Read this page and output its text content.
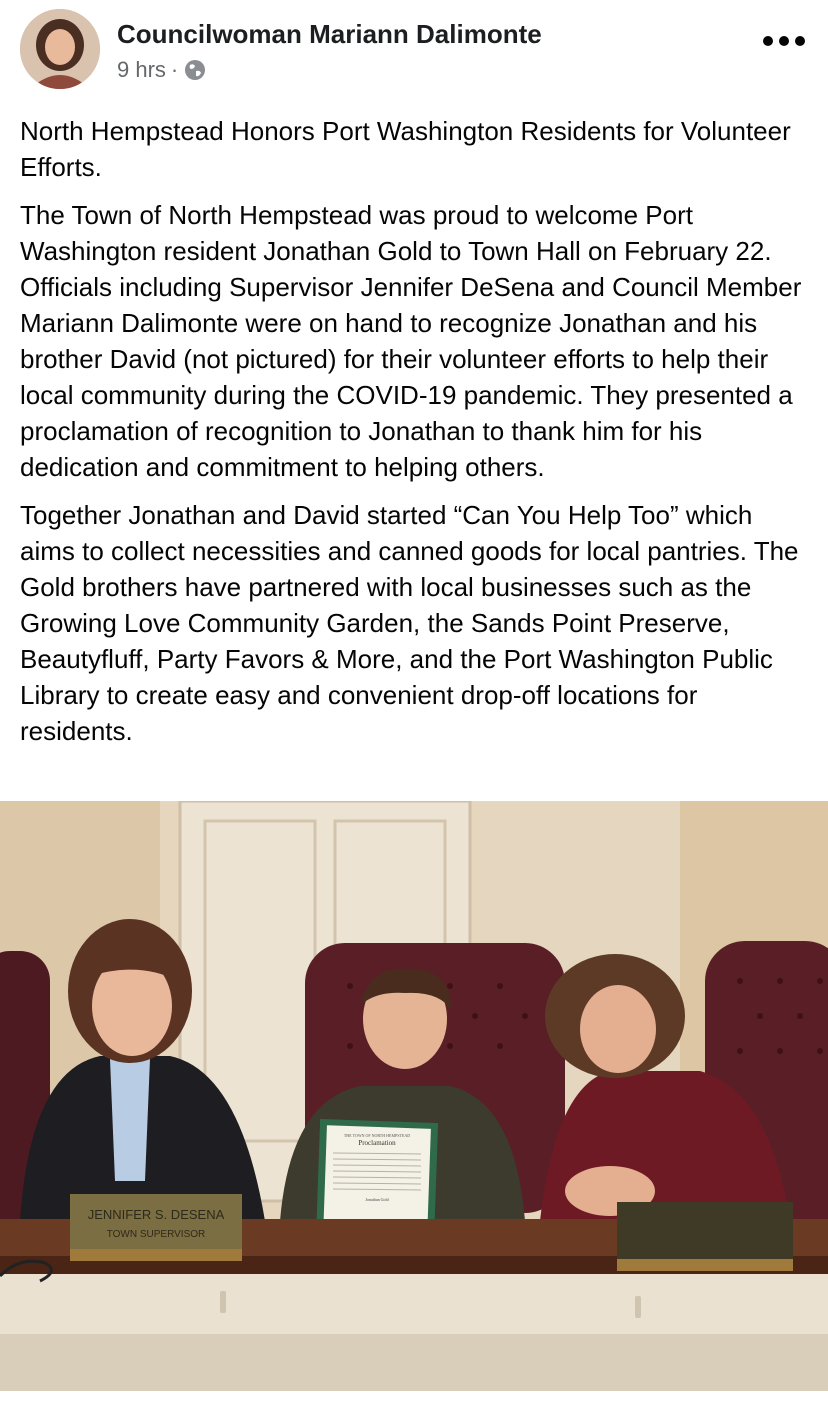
Councilwoman Mariann Dalimonte
9 hrs ·

North Hempstead Honors Port Washington Residents for Volunteer Efforts.

The Town of North Hempstead was proud to welcome Port Washington resident Jonathan Gold to Town Hall on February 22. Officials including Supervisor Jennifer DeSena and Council Member Mariann Dalimonte were on hand to recognize Jonathan and his brother David (not pictured) for their volunteer efforts to help their local community during the COVID-19 pandemic. They presented a proclamation of recognition to Jonathan to thank him for his dedication and commitment to helping others.

Together Jonathan and David started “Can You Help Too” which aims to collect necessities and canned goods for local pantries. The Gold brothers have partnered with local businesses such as the Growing Love Community Garden, the Sands Point Preserve, Beautyfluff, Party Favors & More, and the Port Washington Public Library to create easy and convenient drop-off locations for residents.

THE TOWN OF NORTH HEMPSTEAD
Proclamation
Jonathan Gold
JENNIFER S. DESENA
TOWN SUPERVISOR
